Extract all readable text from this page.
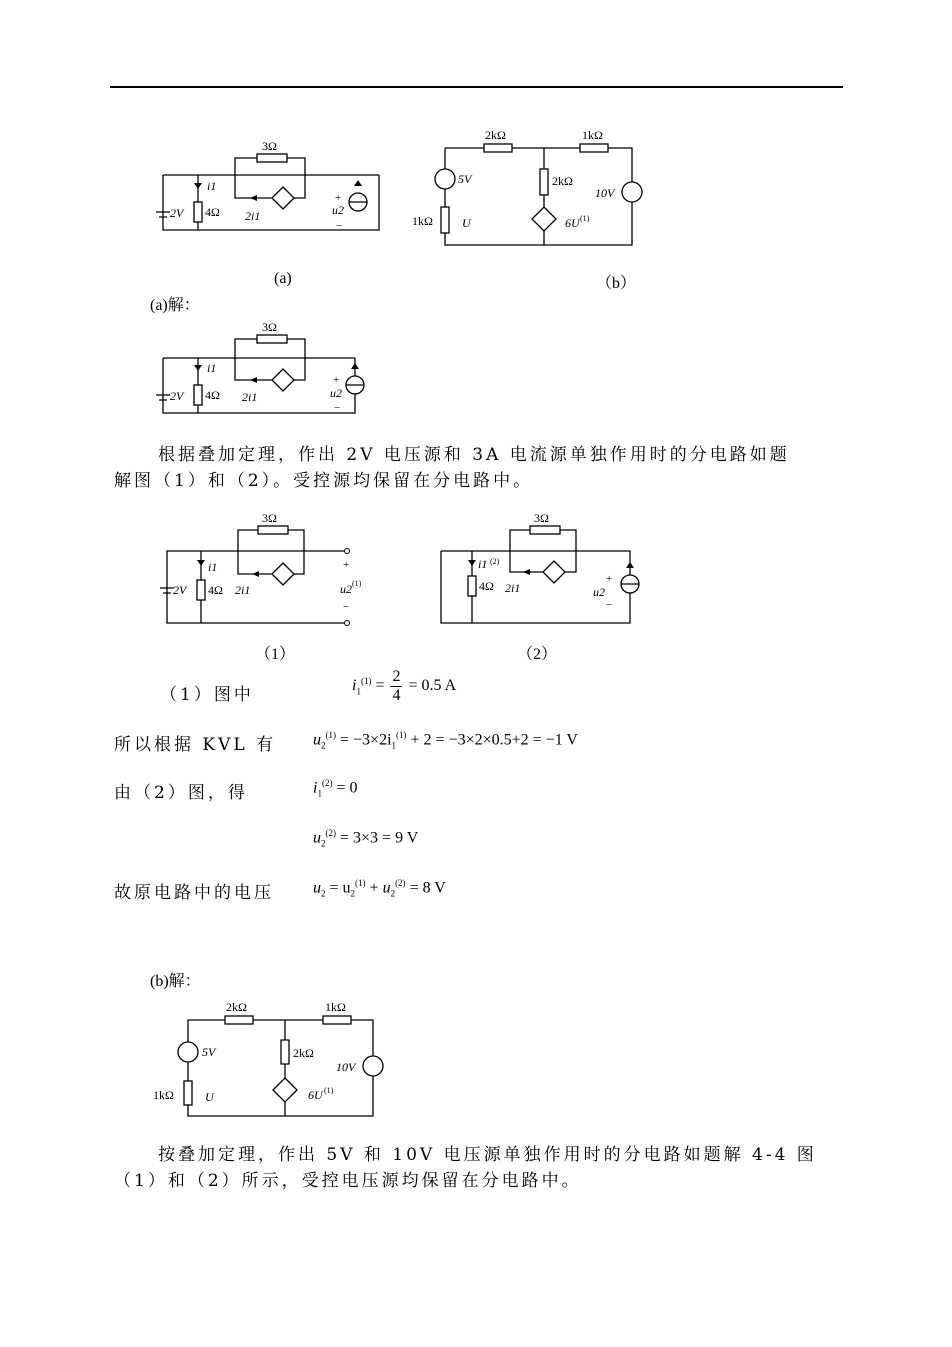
3Ω
4Ω
2V
i1
2i1	u2
+
−
(a)
2kΩ	1kΩ
2kΩ
1kΩ
5V
10V
U	6U (1)
（b）
(a)解：
3Ω
4Ω
2V
i1
2i1	u2
+
−
根据叠加定理，作出 2V 电压源和 3A 电流源单独作用时的分电路如题
解图（1）和（2）。受控源均保留在分电路中。
3Ω
4Ω
2V
i1
2i1	u2
+
−
(1)
（1）
3Ω
4Ω
i1
2i1	u2
+
−
(2)
（2）
（1）图中	$i_1^{(1)} = \frac{2}{4} = 0.5$ A
所以根据 KVL 有 $u_2^{(1)} = -3\times 2i_1^{(1)} + 2 = -3\times 2\times 0.5+2 = -1$ V
由（2）图，得	$i_1^{(2)} = 0$
$u_2^{(2)} = 3\times 3 = 9$ V
故原电路中的电压 $u_2 = u_2^{(1)} + u_2^{(2)} = 8$ V
(b)解：
2kΩ	1kΩ
2kΩ
1kΩ
5V
10V
U	6U (1)
按叠加定理，作出 5V 和 10V 电压源单独作用时的分电路如题解 4-4 图
（1）和（2）所示，受控电压源均保留在分电路中。
